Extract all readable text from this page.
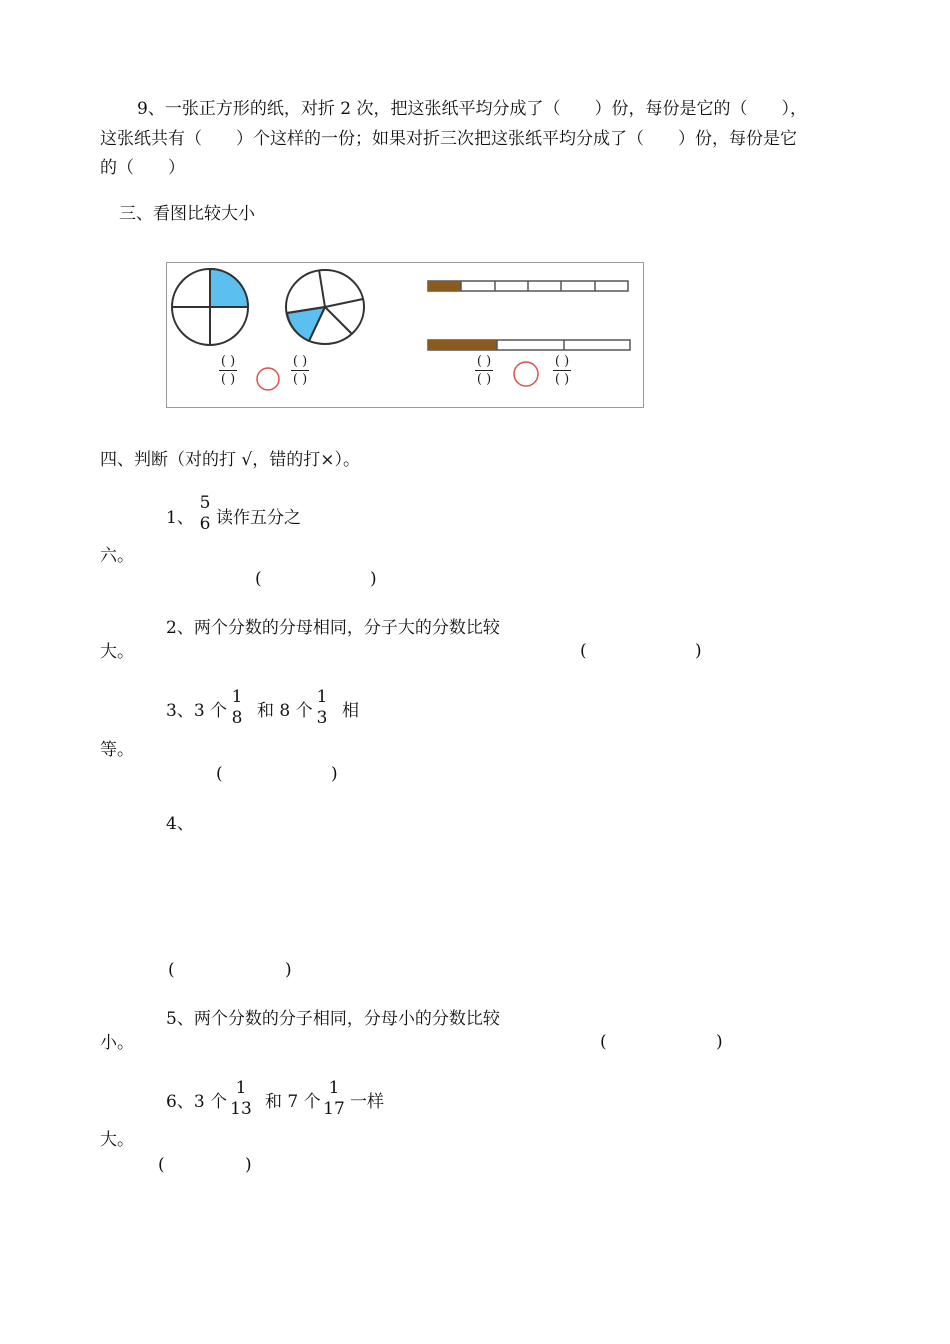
9、一张正方形的纸，对折 2 次，把这张纸平均分成了（　　）份，每份是它的（　　），
这张纸共有（　　）个这样的一份；如果对折三次把这张纸平均分成了（　　）份，每份是它
的（　　）
三、看图比较大小
( )
( )
( )
( )
( )
( )
( )
( )
四、判断（对的打 √，错的打×）。
1、
5
6 读作五分之
六。
(	)
2、两个分数的分母相同，分子大的分数比较
大。	(	)
3、3 个
1
8 和 8 个
1
3 相
等。
(	)
4、
(	)
5、两个分数的分子相同，分母小的分数比较
小。	(	)
6、3 个
1
13 和 7 个
1
17 一样
大。
(	)
